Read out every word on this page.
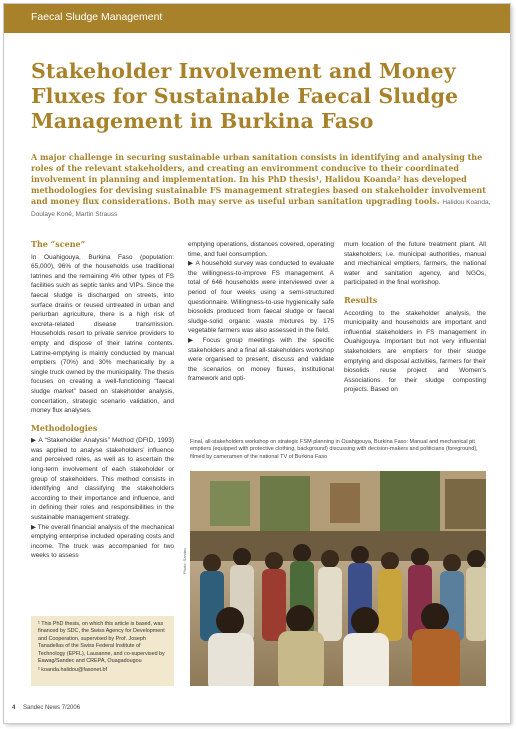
Faecal Sludge Management
Stakeholder Involvement and Money Fluxes for Sustainable Faecal Sludge Management in Burkina Faso

A major challenge in securing sustainable urban sanitation consists in identifying and analysing the roles of the relevant stakeholders, and creating an environment conducive to their coordinated involvement in planning and implementation. In his PhD thesis¹, Halidou Koanda² has developed methodologies for devising sustainable FS management strategies based on stakeholder involvement and money flux considerations. Both may serve as useful urban sanitation upgrading tools. Halidou Koanda, Doulaye Koné, Martin Strauss

The “scene”

In Ouahigouya, Burkina Faso (population: 65,000), 96% of the households use traditional latrines and the remaining 4% other types of FS facilities such as septic tanks and VIPs. Since the faecal sludge is discharged on streets, into surface drains or reused untreated in urban and periurban agriculture, there is a high risk of excreta-related disease transmission. Households resort to private service providers to empty and dispose of their latrine contents. Latrine-emptying is mainly conducted by manual emptiers (70%) and 30% mechanically by a single truck owned by the municipality. The thesis focuses on creating a well-functioning “faecal sludge market” based on stakeholder analysis, concertation, strategic scenario validation, and money flux analyses.

Methodologies

▶ A “Stakeholder Analysis” Method (DFID, 1993) was applied to analyse stakeholders’ influence and perceived roles, as well as to ascertain the long-term involvement of each stakeholder or group of stakeholders. This method consists in identifying and classifying the stakeholders according to their importance and influence, and in defining their roles and responsibilities in the sustainable management strategy.

▶ The overall financial analysis of the mechanical emptying enterprise included operating costs and income. The truck was accompanied for two weeks to assess

emptying operations, distances covered, operating time, and fuel consumption.

▶ A household survey was conducted to evaluate the willingness-to-improve FS management. A total of 646 households were interviewed over a period of four weeks using a semi-structured questionnaire. Willingness-to-use hygienically safe biosolids produced from faecal sludge or faecal sludge-solid organic waste mixtures by 175 vegetable farmers was also assessed in the field.

▶ Focus group meetings with the specific stakeholders and a final all-stakeholders workshop were organised to present, discuss and validate the scenarios on money fluxes, institutional framework and opti-

mum location of the future treatment plant. All stakeholders; i.e. municipal authorities, manual and mechanical emptiers, farmers, the national water and sanitation agency, and NGOs, participated in the final workshop.

Results

According to the stakeholder analysis, the municipality and households are important and influential stakeholders in FS management in Ouahigouya. Important but not very influential stakeholders are emptiers for their sludge emptying and disposal activities, farmers for their biosolids reuse project and Women’s Associations for their sludge composting projects. Based on

Final, all-stakeholders workshop on strategic FSM planning in Ouahigouya, Burkina Faso: Manual and mechanical pit emptiers (equipped with protective clothing, background) discussing with decision-makers and politicians (foreground), filmed by cameramen of the national TV of Burkina Faso
Photo: Sandec

¹ This PhD thesis, on which this article is based, was financed by SDC, the Swiss Agency for Development and Cooperation, supervised by Prof. Joseph Tanadellas of the Swiss Federal Institute of Technology (EPFL), Lausanne, and co-supervised by Eawag/Sandec and CREPA, Ouagadougou

² koanda.halidou@fasonet.bf

4 Sandec News 7/2006
